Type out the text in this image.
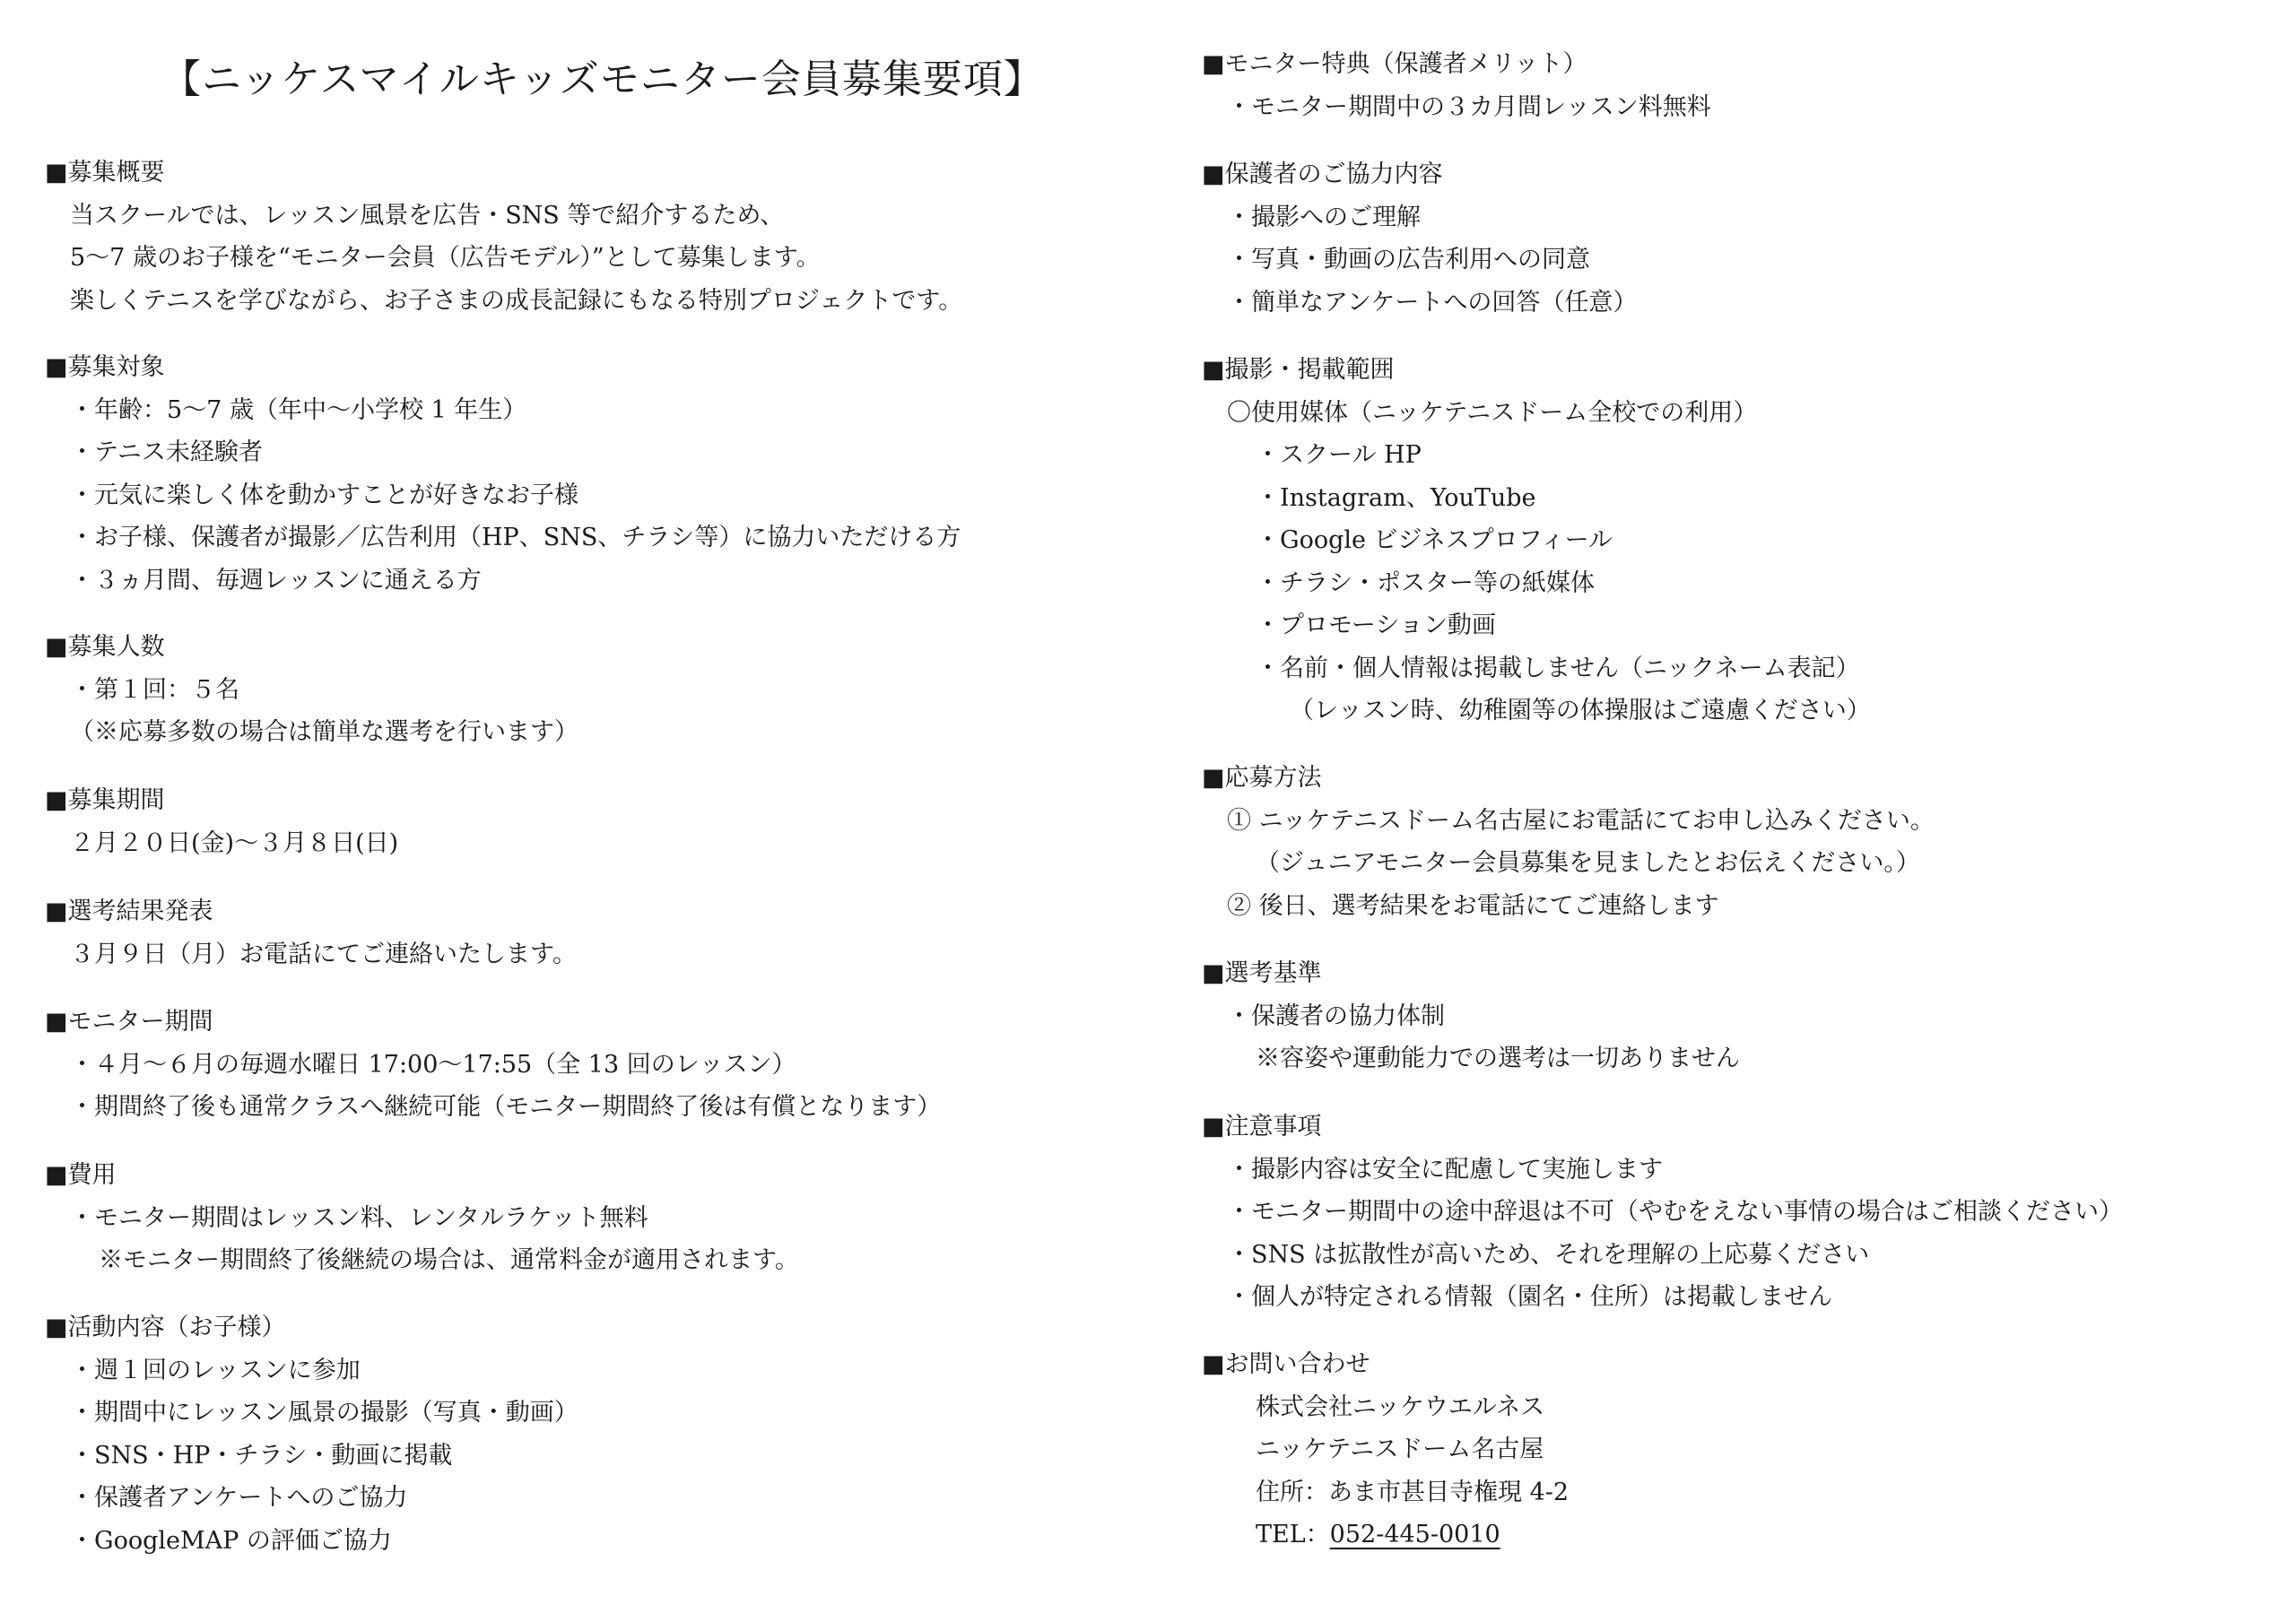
【ニッケスマイルキッズモニター会員募集要項】
■募集概要
当スクールでは、レッスン風景を広告・SNS 等で紹介するため、
5〜7 歳のお子様を“モニター会員（広告モデル）”として募集します。
楽しくテニスを学びながら、お子さまの成長記録にもなる特別プロジェクトです。
■募集対象
・年齢：5〜7 歳（年中〜小学校 1 年生）
・テニス未経験者
・元気に楽しく体を動かすことが好きなお子様
・お子様、保護者が撮影／広告利用（HP、SNS、チラシ等）に協力いただける方
・３ヵ月間、毎週レッスンに通える方
■募集人数
・第１回：５名
（※応募多数の場合は簡単な選考を行います）
■募集期間
２月２０日(金)〜３月８日(日)
■選考結果発表
３月９日（月）お電話にてご連絡いたします。
■モニター期間
・４月〜６月の毎週水曜日 17:00〜17:55（全 13 回のレッスン）
・期間終了後も通常クラスへ継続可能（モニター期間終了後は有償となります）
■費用
・モニター期間はレッスン料、レンタルラケット無料
※モニター期間終了後継続の場合は、通常料金が適用されます。
■活動内容（お子様）
・週１回のレッスンに参加
・期間中にレッスン風景の撮影（写真・動画）
・SNS・HP・チラシ・動画に掲載
・保護者アンケートへのご協力
・GoogleMAP の評価ご協力
■モニター特典（保護者メリット）
・モニター期間中の３カ月間レッスン料無料
■保護者のご協力内容
・撮影へのご理解
・写真・動画の広告利用への同意
・簡単なアンケートへの回答（任意）
■撮影・掲載範囲
〇使用媒体（ニッケテニスドーム全校での利用）
・スクール HP
・Instagram、YouTube
・Google ビジネスプロフィール
・チラシ・ポスター等の紙媒体
・プロモーション動画
・名前・個人情報は掲載しません（ニックネーム表記）
（レッスン時、幼稚園等の体操服はご遠慮ください）
■応募方法
① ニッケテニスドーム名古屋にお電話にてお申し込みください。
（ジュニアモニター会員募集を見ましたとお伝えください。）
② 後日、選考結果をお電話にてご連絡します
■選考基準
・保護者の協力体制
※容姿や運動能力での選考は一切ありません
■注意事項
・撮影内容は安全に配慮して実施します
・モニター期間中の途中辞退は不可（やむをえない事情の場合はご相談ください）
・SNS は拡散性が高いため、それを理解の上応募ください
・個人が特定される情報（園名・住所）は掲載しません
■お問い合わせ
株式会社ニッケウエルネス
ニッケテニスドーム名古屋
住所：あま市甚目寺権現 4-2
TEL：052-445-0010
